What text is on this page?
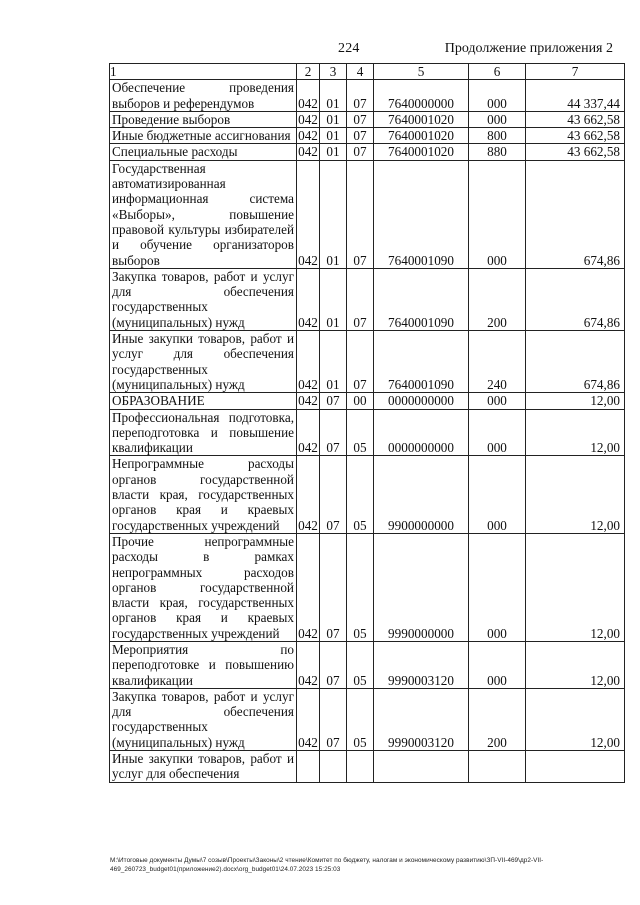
224	Продолжение приложения 2
1	2	3	4	5	6	7
Обеспечение проведения выборов и референдумов	042	01	07	7640000000	000	44 337,44
Проведение выборов	042	01	07	7640001020	000	43 662,58
Иные бюджетные ассигнования	042	01	07	7640001020	800	43 662,58
Специальные расходы	042	01	07	7640001020	880	43 662,58
Государственная автоматизированная информационная система «Выборы», повышение правовой культуры избирателей и обучение организаторов выборов	042	01	07	7640001090	000	674,86
Закупка товаров, работ и услуг для обеспечения государственных (муниципальных) нужд	042	01	07	7640001090	200	674,86
Иные закупки товаров, работ и услуг для обеспечения государственных (муниципальных) нужд	042	01	07	7640001090	240	674,86
ОБРАЗОВАНИЕ	042	07	00	0000000000	000	12,00
Профессиональная подготовка, переподготовка и повышение квалификации	042	07	05	0000000000	000	12,00
Непрограммные расходы органов государственной власти края, государственных органов края и краевых государственных учреждений	042	07	05	9900000000	000	12,00
Прочие непрограммные расходы в рамках непрограммных расходов органов государственной власти края, государственных органов края и краевых государственных учреждений	042	07	05	9990000000	000	12,00
Мероприятия по переподготовке и повышению квалификации	042	07	05	9990003120	000	12,00
Закупка товаров, работ и услуг для обеспечения государственных (муниципальных) нужд	042	07	05	9990003120	200	12,00
Иные закупки товаров, работ и услуг для обеспечения						
М:\Итоговые документы Думы\7 созыв\Проекты\Законы\2 чтение\Комитет по бюджету, налогам и экономическому развитию\ЗП-VII-469\др2-VII-469_260723_budget01(приложение2).docx\org_budget01\24.07.2023 15:25:03
